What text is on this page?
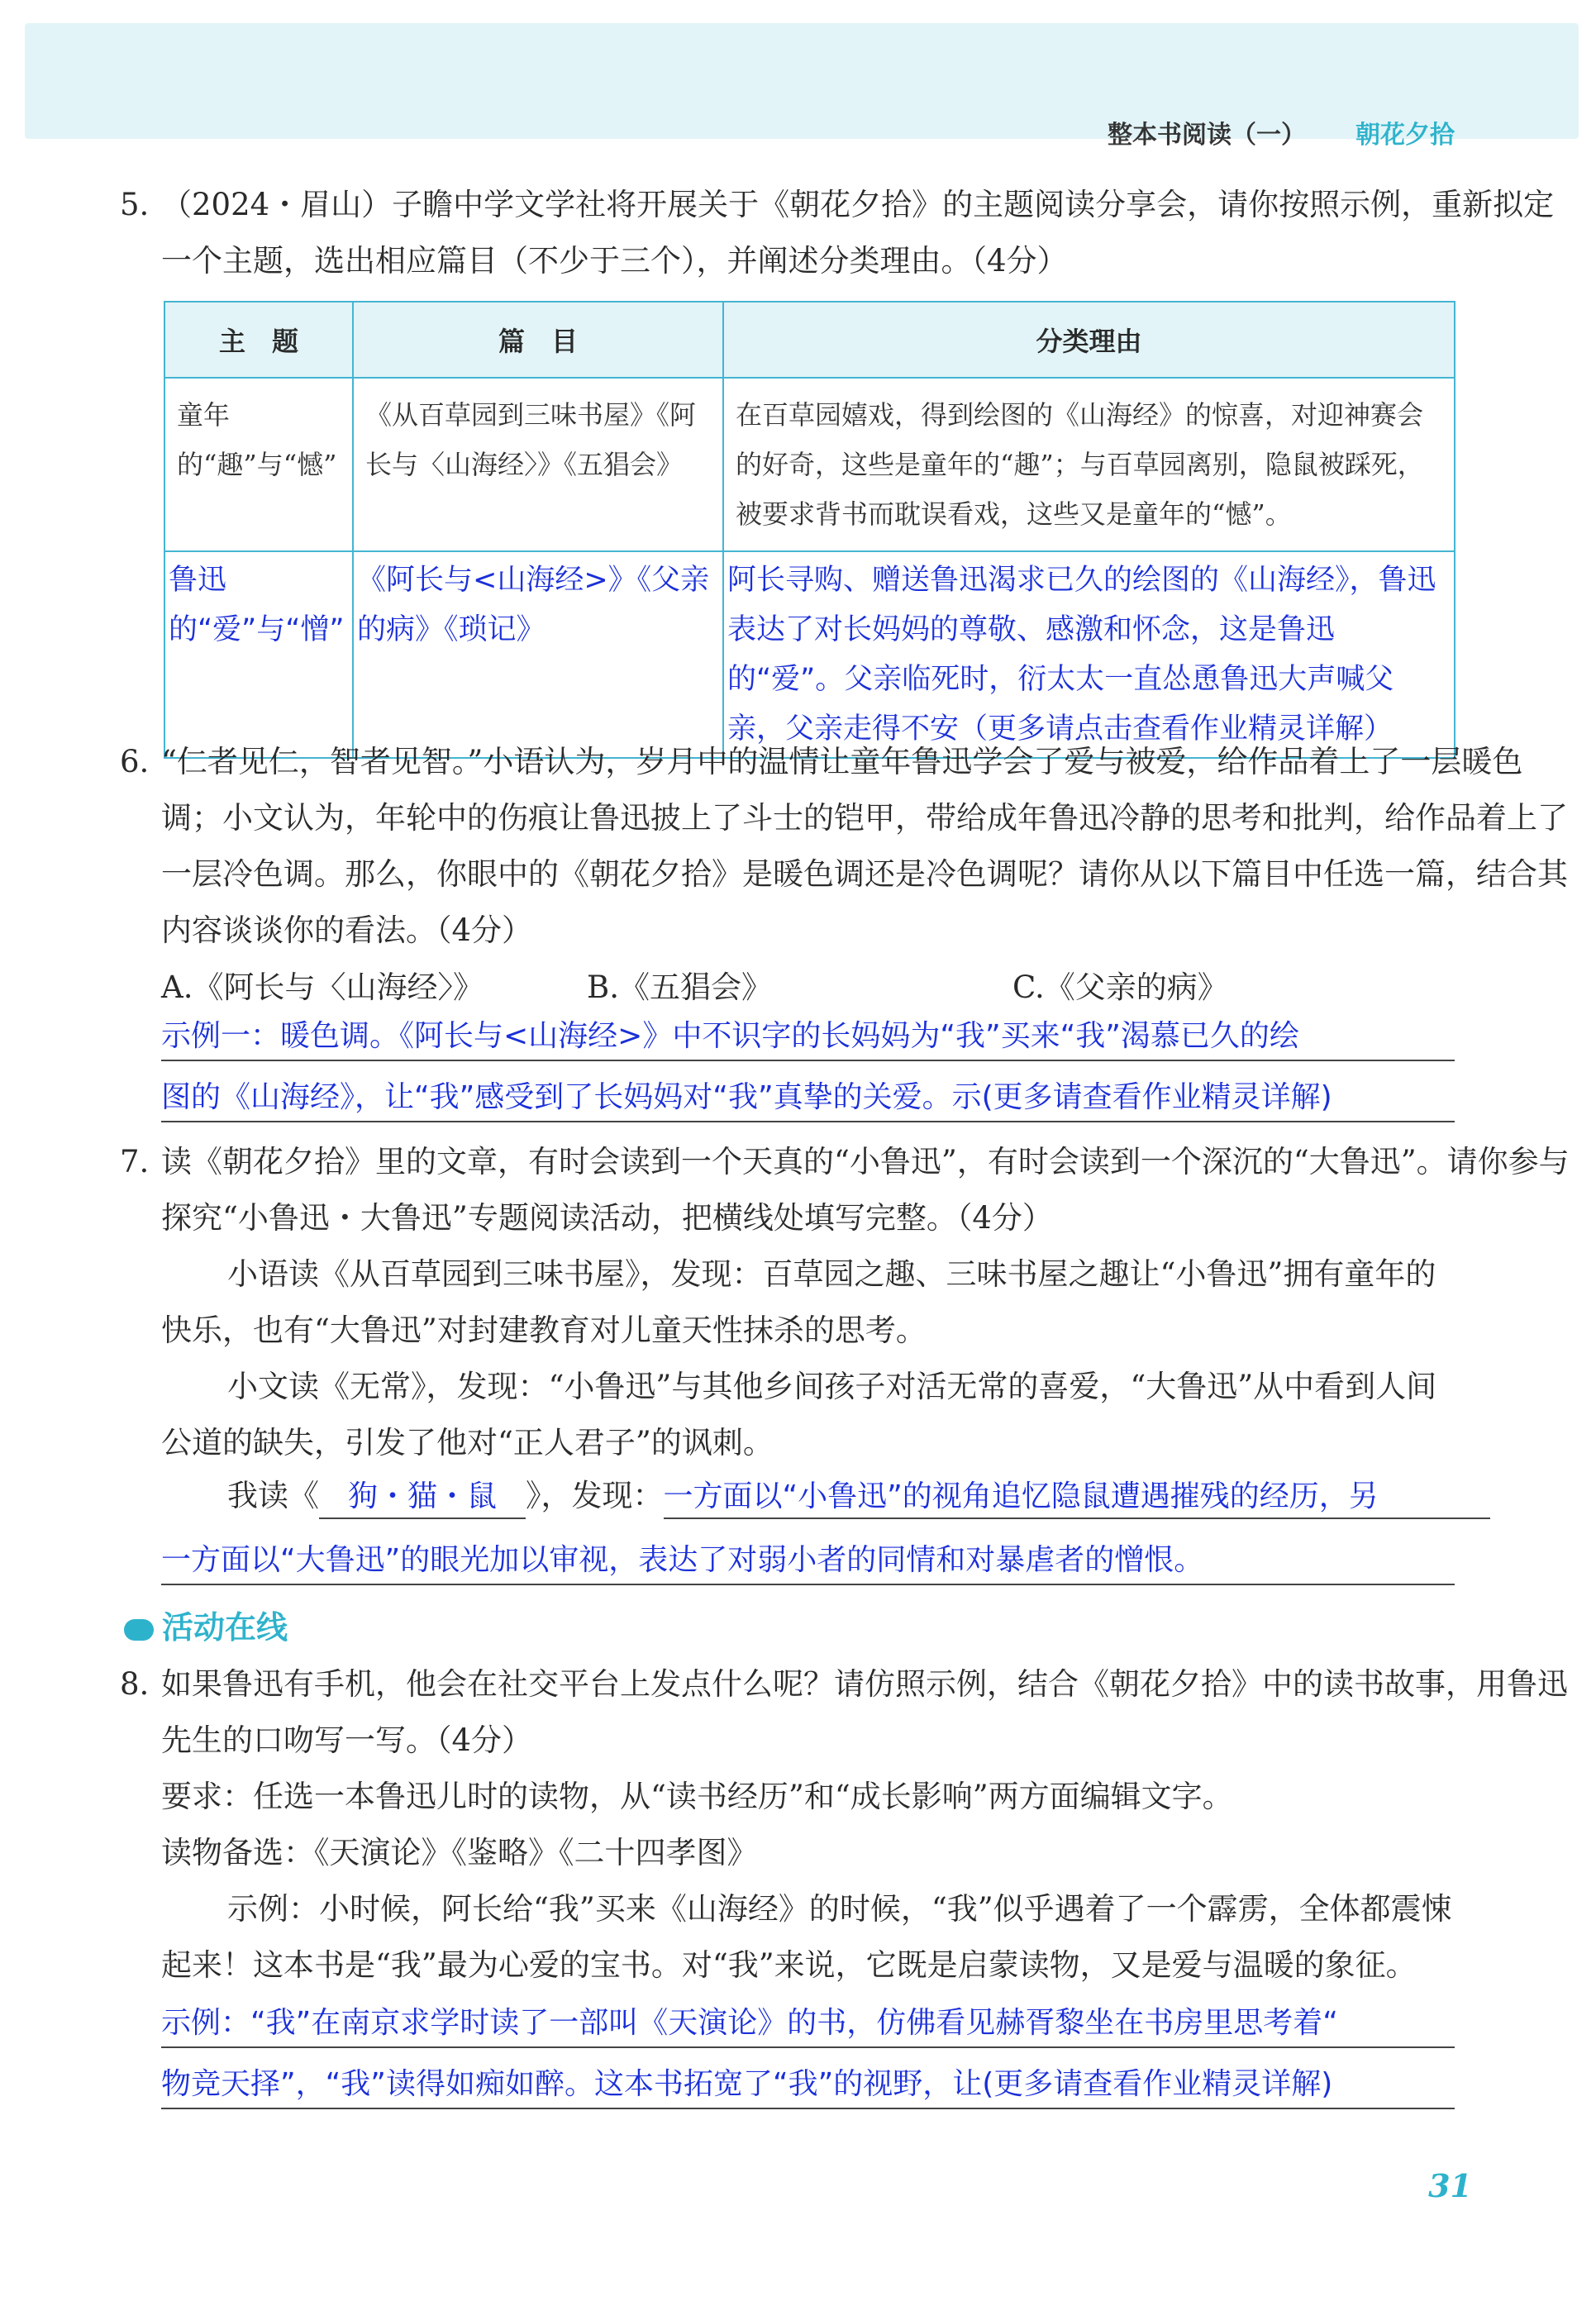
整本书阅读（一） 朝花夕拾
5. （2024・眉山）子瞻中学文学社将开展关于《朝花夕拾》的主题阅读分享会，请你按照示例，重新拟定一个主题，选出相应篇目（不少于三个），并阐述分类理由。（4分）
主　题	篇　目	分类理由
童年的“趣”与“憾”	《从百草园到三味书屋》《阿长与〈山海经〉》《五猖会》	在百草园嬉戏，得到绘图的《山海经》的惊喜，对迎神赛会的好奇，这些是童年的“趣”；与百草园离别，隐鼠被踩死，被要求背书而耽误看戏，这些又是童年的“憾”。
鲁迅的“爱”与“憎”	《阿长与<山海经>》《父亲的病》《琐记》	阿长寻购、赠送鲁迅渴求已久的绘图的《山海经》，鲁迅表达了对长妈妈的尊敬、感激和怀念，这是鲁迅的“爱”。父亲临死时，衍太太一直怂恿鲁迅大声喊父亲，父亲走得不安（更多请点击查看作业精灵详解）
6. “仁者见仁，智者见智。”小语认为，岁月中的温情让童年鲁迅学会了爱与被爱，给作品着上了一层暖色调；小文认为，年轮中的伤痕让鲁迅披上了斗士的铠甲，带给成年鲁迅冷静的思考和批判，给作品着上了一层冷色调。那么，你眼中的《朝花夕拾》是暖色调还是冷色调呢？请你从以下篇目中任选一篇，结合其内容谈谈你的看法。（4分）
A.《阿长与〈山海经〉》	B.《五猖会》	C.《父亲的病》
示例一：暖色调。《阿长与<山海经>》中不识字的长妈妈为“我”买来“我”渴慕已久的绘
图的《山海经》，让“我”感受到了长妈妈对“我”真挚的关爱。示(更多请查看作业精灵详解)
7. 读《朝花夕拾》里的文章，有时会读到一个天真的“小鲁迅”，有时会读到一个深沉的“大鲁迅”。请你参与探究“小鲁迅・大鲁迅”专题阅读活动，把横线处填写完整。（4分）
小语读《从百草园到三味书屋》，发现：百草园之趣、三味书屋之趣让“小鲁迅”拥有童年的快乐，也有“大鲁迅”对封建教育对儿童天性抹杀的思考。
小文读《无常》，发现：“小鲁迅”与其他乡间孩子对活无常的喜爱，“大鲁迅”从中看到人间公道的缺失，引发了他对“正人君子”的讽刺。
我读《 狗・猫・鼠 》，发现：一方面以“小鲁迅”的视角追忆隐鼠遭遇摧残的经历，另
一方面以“大鲁迅”的眼光加以审视，表达了对弱小者的同情和对暴虐者的憎恨。
活动在线
8. 如果鲁迅有手机，他会在社交平台上发点什么呢？请仿照示例，结合《朝花夕拾》中的读书故事，用鲁迅先生的口吻写一写。（4分）
要求：任选一本鲁迅儿时的读物，从“读书经历”和“成长影响”两方面编辑文字。
读物备选：《天演论》《鉴略》《二十四孝图》
示例：小时候，阿长给“我”买来《山海经》的时候，“我”似乎遇着了一个霹雳，全体都震悚起来！这本书是“我”最为心爱的宝书。对“我”来说，它既是启蒙读物，又是爱与温暖的象征。
示例：“我”在南京求学时读了一部叫《天演论》的书，仿佛看见赫胥黎坐在书房里思考着“
物竞天择”，“我”读得如痴如醉。这本书拓宽了“我”的视野，让(更多请查看作业精灵详解)
31
